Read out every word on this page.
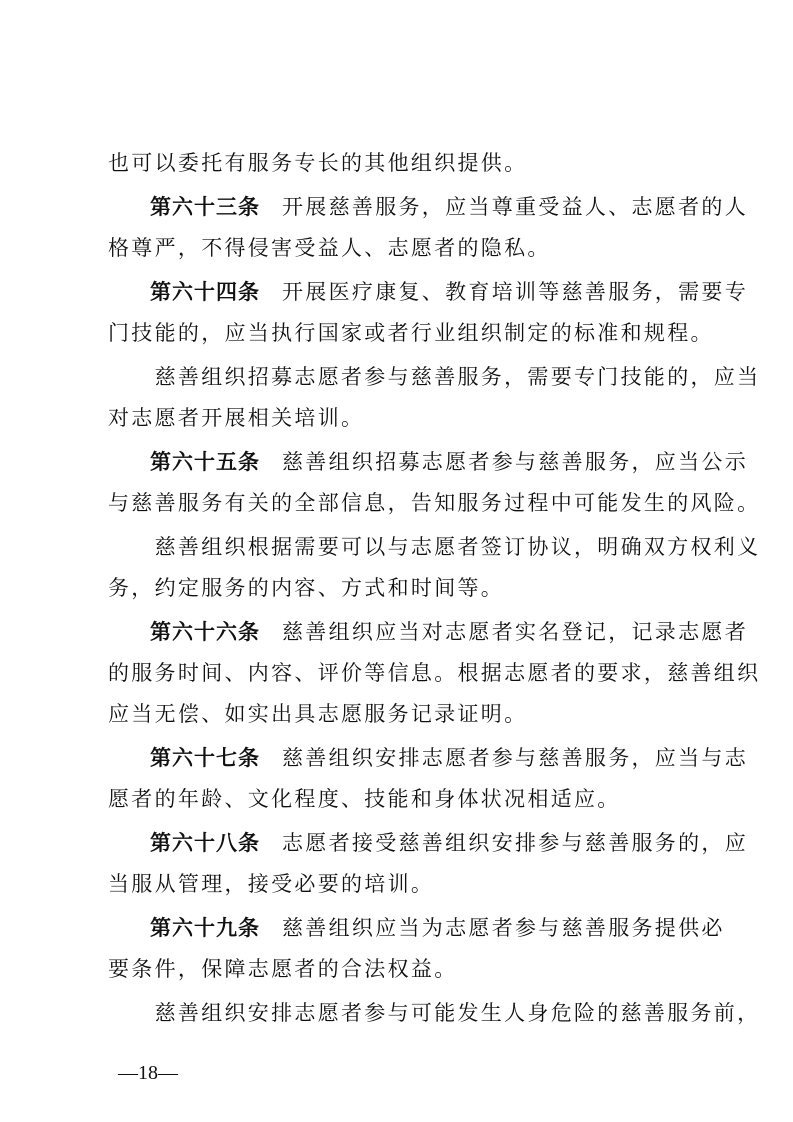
也可以委托有服务专长的其他组织提供。
第六十三条 开展慈善服务，应当尊重受益人、志愿者的人
格尊严，不得侵害受益人、志愿者的隐私。
第六十四条 开展医疗康复、教育培训等慈善服务，需要专
门技能的，应当执行国家或者行业组织制定的标准和规程。
　　慈善组织招募志愿者参与慈善服务，需要专门技能的，应当
对志愿者开展相关培训。
第六十五条 慈善组织招募志愿者参与慈善服务，应当公示
与慈善服务有关的全部信息，告知服务过程中可能发生的风险。
　　慈善组织根据需要可以与志愿者签订协议，明确双方权利义
务，约定服务的内容、方式和时间等。
第六十六条 慈善组织应当对志愿者实名登记，记录志愿者
的服务时间、内容、评价等信息。根据志愿者的要求，慈善组织
应当无偿、如实出具志愿服务记录证明。
第六十七条 慈善组织安排志愿者参与慈善服务，应当与志
愿者的年龄、文化程度、技能和身体状况相适应。
第六十八条 志愿者接受慈善组织安排参与慈善服务的，应
当服从管理，接受必要的培训。
第六十九条 慈善组织应当为志愿者参与慈善服务提供必
要条件，保障志愿者的合法权益。
　　慈善组织安排志愿者参与可能发生人身危险的慈善服务前，
—18—
